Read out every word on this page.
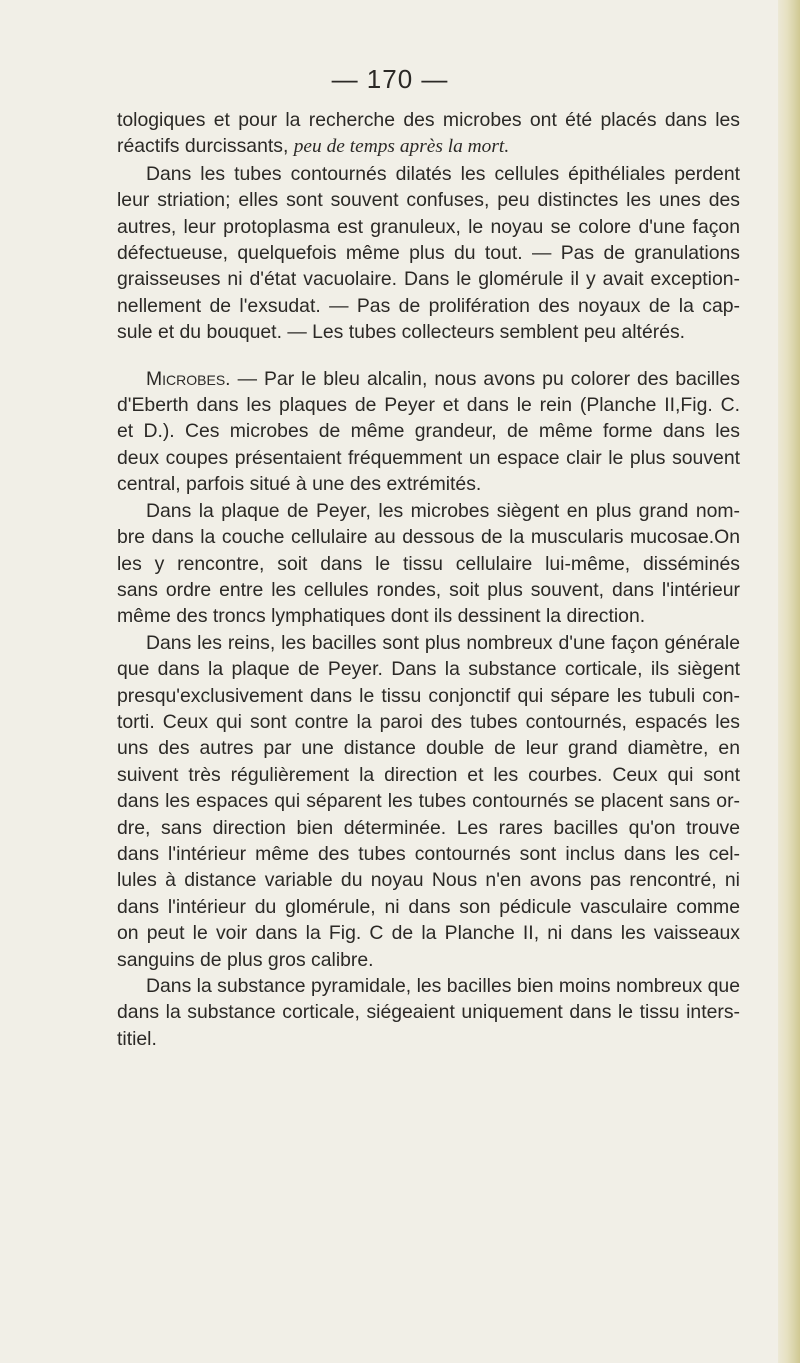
— 170 —

tologiques et pour la recherche des microbes ont été placés dans les
réactifs durcissants, peu de temps après la mort.
Dans les tubes contournés dilatés les cellules épithéliales perdent
leur striation; elles sont souvent confuses, peu distinctes les unes des
autres, leur protoplasma est granuleux, le noyau se colore d'une façon
défectueuse, quelquefois même plus du tout. — Pas de granulations
graisseuses ni d'état vacuolaire. Dans le glomérule il y avait exception-
nellement de l'exsudat. — Pas de prolifération des noyaux de la cap-
sule et du bouquet. — Les tubes collecteurs semblent peu altérés.

Microbes. — Par le bleu alcalin, nous avons pu colorer des bacilles
d'Eberth dans les plaques de Peyer et dans le rein (Planche II,Fig. C.
et D.). Ces microbes de même grandeur, de même forme dans les
deux coupes présentaient fréquemment un espace clair le plus souvent
central, parfois situé à une des extrémités.
Dans la plaque de Peyer, les microbes siègent en plus grand nom-
bre dans la couche cellulaire au dessous de la muscularis mucosae.On
les y rencontre, soit dans le tissu cellulaire lui-même, disséminés
sans ordre entre les cellules rondes, soit plus souvent, dans l'intérieur
même des troncs lymphatiques dont ils dessinent la direction.
Dans les reins, les bacilles sont plus nombreux d'une façon générale
que dans la plaque de Peyer. Dans la substance corticale, ils siègent
presqu'exclusivement dans le tissu conjonctif qui sépare les tubuli con-
torti. Ceux qui sont contre la paroi des tubes contournés, espacés les
uns des autres par une distance double de leur grand diamètre, en
suivent très régulièrement la direction et les courbes. Ceux qui sont
dans les espaces qui séparent les tubes contournés se placent sans or-
dre, sans direction bien déterminée. Les rares bacilles qu'on trouve
dans l'intérieur même des tubes contournés sont inclus dans les cel-
lules à distance variable du noyau Nous n'en avons pas rencontré, ni
dans l'intérieur du glomérule, ni dans son pédicule vasculaire comme
on peut le voir dans la Fig. C de la Planche II, ni dans les vaisseaux
sanguins de plus gros calibre.
Dans la substance pyramidale, les bacilles bien moins nombreux que
dans la substance corticale, siégeaient uniquement dans le tissu inters-
titiel.
